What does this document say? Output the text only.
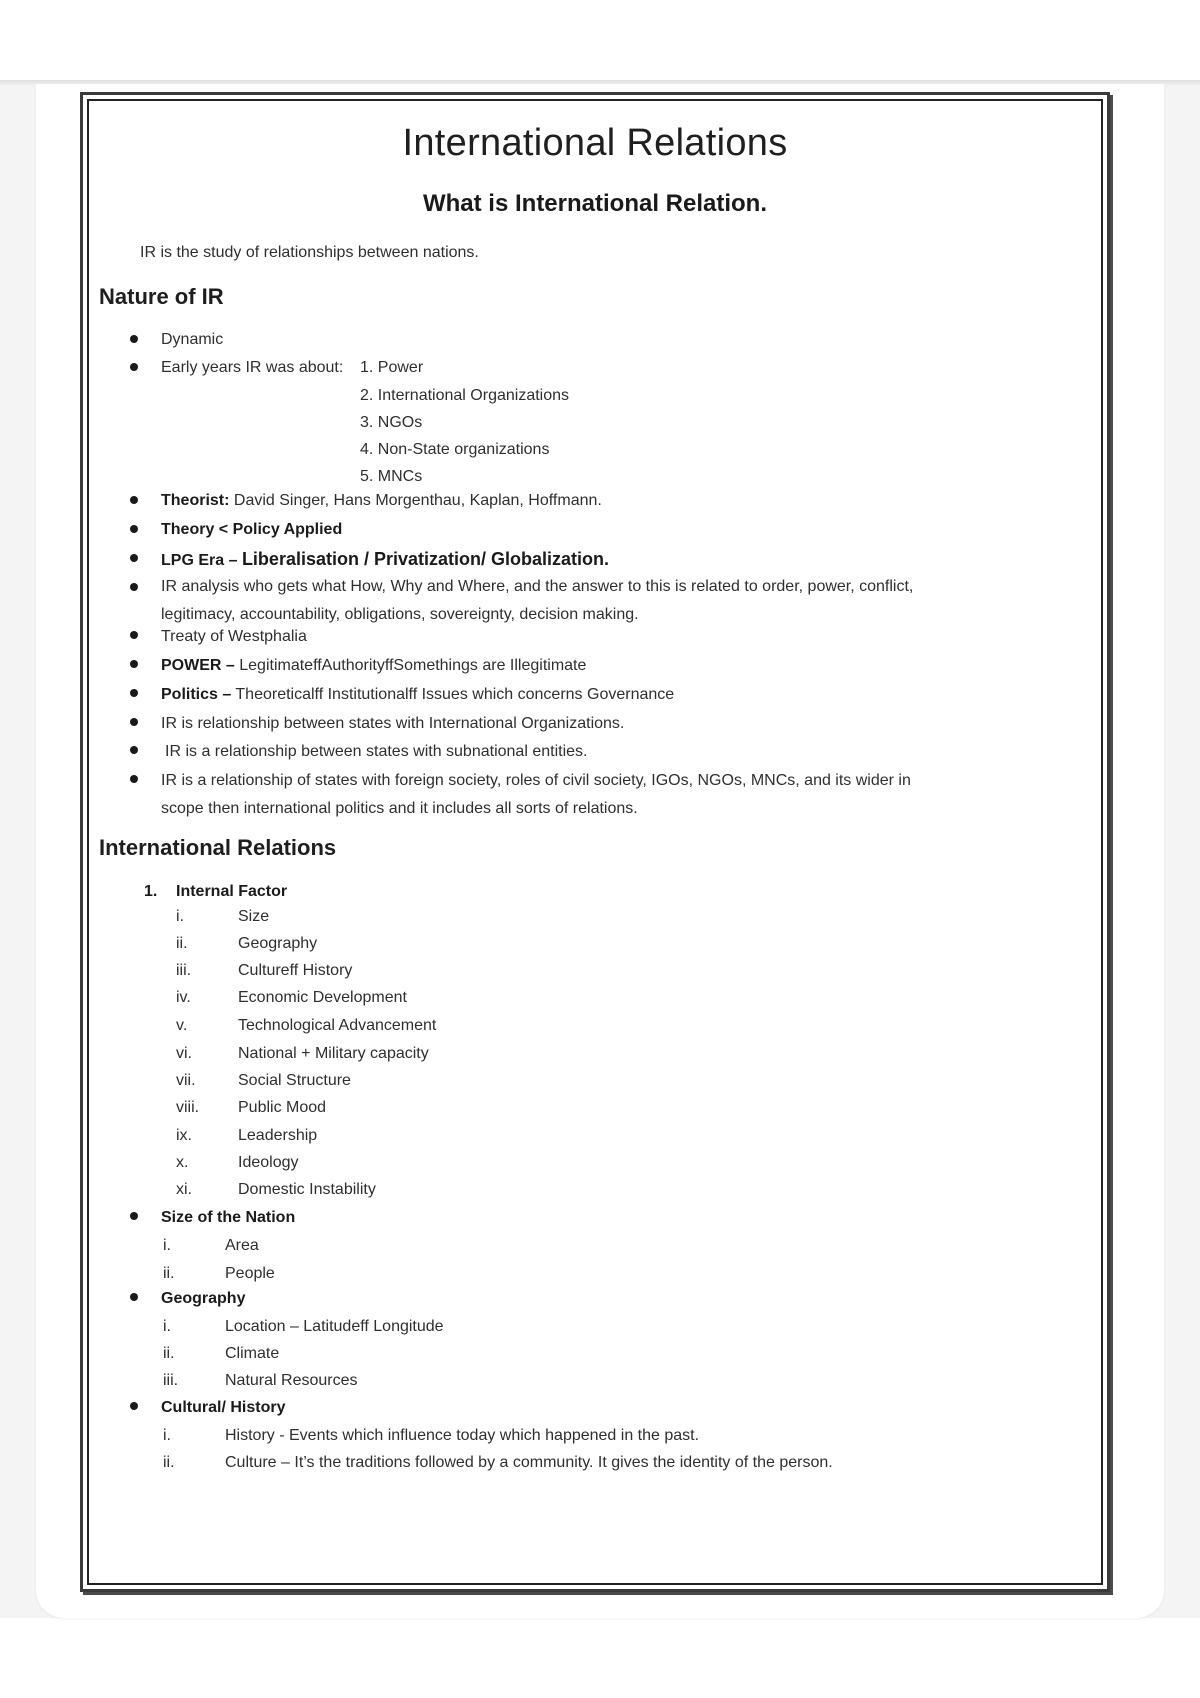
International Relations
What is International Relation.
IR is the study of relationships between nations.
Nature of IR
Dynamic
Early years IR was about: 1. Power
2. International Organizations
3. NGOs
4. Non-State organizations
5. MNCs
Theorist: David Singer, Hans Morgenthau, Kaplan, Hoffmann.
Theory < Policy Applied
LPG Era – Liberalisation / Privatization/ Globalization.
IR analysis who gets what How, Why and Where, and the answer to this is related to order, power, conflict,
legitimacy, accountability, obligations, sovereignty, decision making.
Treaty of Westphalia
POWER – LegitimateffAuthorityffSomethings are Illegitimate
Politics – Theoreticalff Institutionalff Issues which concerns Governance
IR is relationship between states with International Organizations.
IR is a relationship between states with subnational entities.
IR is a relationship of states with foreign society, roles of civil society, IGOs, NGOs, MNCs, and its wider in
scope then international politics and it includes all sorts of relations.
International Relations
1. Internal Factor
i.	Size
ii.	Geography
iii.	Cultureff History
iv.	Economic Development
v.	Technological Advancement
vi.	National + Military capacity
vii.	Social Structure
viii. Public Mood
ix.	Leadership
x.	Ideology
xi.	Domestic Instability
Size of the Nation
i.	Area
ii.	People
Geography
i.	Location – Latitudeff Longitude
ii.	Climate
iii.	Natural Resources
Cultural/ History
i.	History - Events which influence today which happened in the past.
ii.	Culture – It’s the traditions followed by a community. It gives the identity of the person.
